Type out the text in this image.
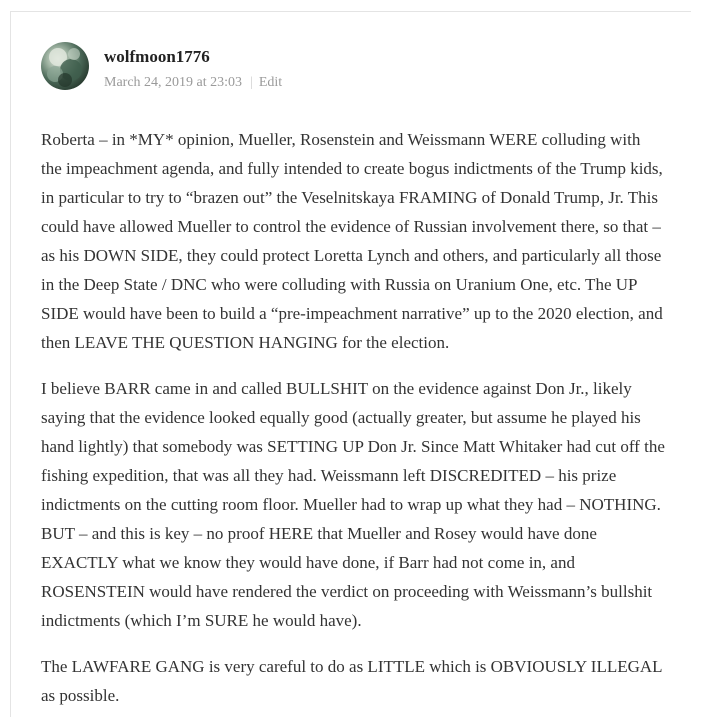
wolfmoon1776
March 24, 2019 at 23:03 | Edit

Roberta – in *MY* opinion, Mueller, Rosenstein and Weissmann WERE colluding with the impeachment agenda, and fully intended to create bogus indictments of the Trump kids, in particular to try to “brazen out” the Veselnitskaya FRAMING of Donald Trump, Jr. This could have allowed Mueller to control the evidence of Russian involvement there, so that – as his DOWN SIDE, they could protect Loretta Lynch and others, and particularly all those in the Deep State / DNC who were colluding with Russia on Uranium One, etc. The UP SIDE would have been to build a “pre-impeachment narrative” up to the 2020 election, and then LEAVE THE QUESTION HANGING for the election.

I believe BARR came in and called BULLSHIT on the evidence against Don Jr., likely saying that the evidence looked equally good (actually greater, but assume he played his hand lightly) that somebody was SETTING UP Don Jr. Since Matt Whitaker had cut off the fishing expedition, that was all they had. Weissmann left DISCREDITED – his prize indictments on the cutting room floor. Mueller had to wrap up what they had – NOTHING. BUT – and this is key – no proof HERE that Mueller and Rosey would have done EXACTLY what we know they would have done, if Barr had not come in, and ROSENSTEIN would have rendered the verdict on proceeding with Weissmann’s bullshit indictments (which I’m SURE he would have).

The LAWFARE GANG is very careful to do as LITTLE which is OBVIOUSLY ILLEGAL as possible.
